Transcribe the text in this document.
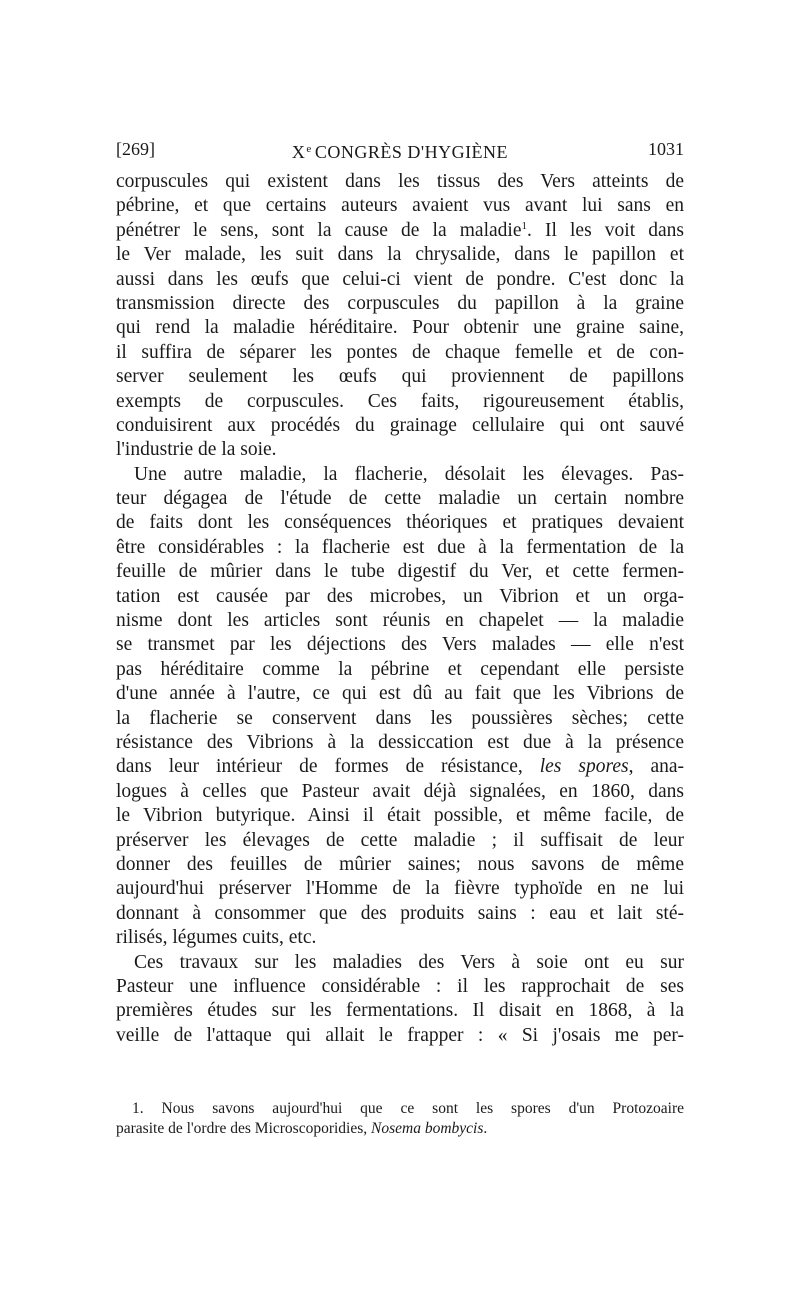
[269]	Xe CONGRÈS D'HYGIÈNE	1031
corpuscules qui existent dans les tissus des Vers atteints de
pébrine, et que certains auteurs avaient vus avant lui sans en
pénétrer le sens, sont la cause de la maladie$^1$. Il les voit dans
le Ver malade, les suit dans la chrysalide, dans le papillon et
aussi dans les œufs que celui-ci vient de pondre. C'est donc la
transmission directe des corpuscules du papillon à la graine
qui rend la maladie héréditaire. Pour obtenir une graine saine,
il suffira de séparer les pontes de chaque femelle et de con-
server seulement les œufs qui proviennent de papillons
exempts de corpuscules. Ces faits, rigoureusement établis,
conduisirent aux procédés du grainage cellulaire qui ont sauvé
l'industrie de la soie.
Une autre maladie, la flacherie, désolait les élevages. Pas-
teur dégagea de l'étude de cette maladie un certain nombre
de faits dont les conséquences théoriques et pratiques devaient
être considérables : la flacherie est due à la fermentation de la
feuille de mûrier dans le tube digestif du Ver, et cette fermen-
tation est causée par des microbes, un Vibrion et un orga-
nisme dont les articles sont réunis en chapelet — la maladie
se transmet par les déjections des Vers malades — elle n'est
pas héréditaire comme la pébrine et cependant elle persiste
d'une année à l'autre, ce qui est dû au fait que les Vibrions de
la flacherie se conservent dans les poussières sèches; cette
résistance des Vibrions à la dessiccation est due à la présence
dans leur intérieur de formes de résistance, les spores, ana-
logues à celles que Pasteur avait déjà signalées, en 1860, dans
le Vibrion butyrique. Ainsi il était possible, et même facile, de
préserver les élevages de cette maladie ; il suffisait de leur
donner des feuilles de mûrier saines; nous savons de même
aujourd'hui préserver l'Homme de la fièvre typhoïde en ne lui
donnant à consommer que des produits sains : eau et lait sté-
rilisés, légumes cuits, etc.
Ces travaux sur les maladies des Vers à soie ont eu sur
Pasteur une influence considérable : il les rapprochait de ses
premières études sur les fermentations. Il disait en 1868, à la
veille de l'attaque qui allait le frapper : « Si j'osais me per-
1. Nous savons aujourd'hui que ce sont les spores d'un Protozoaire
parasite de l'ordre des Microscoporidies, Nosema bombycis.
